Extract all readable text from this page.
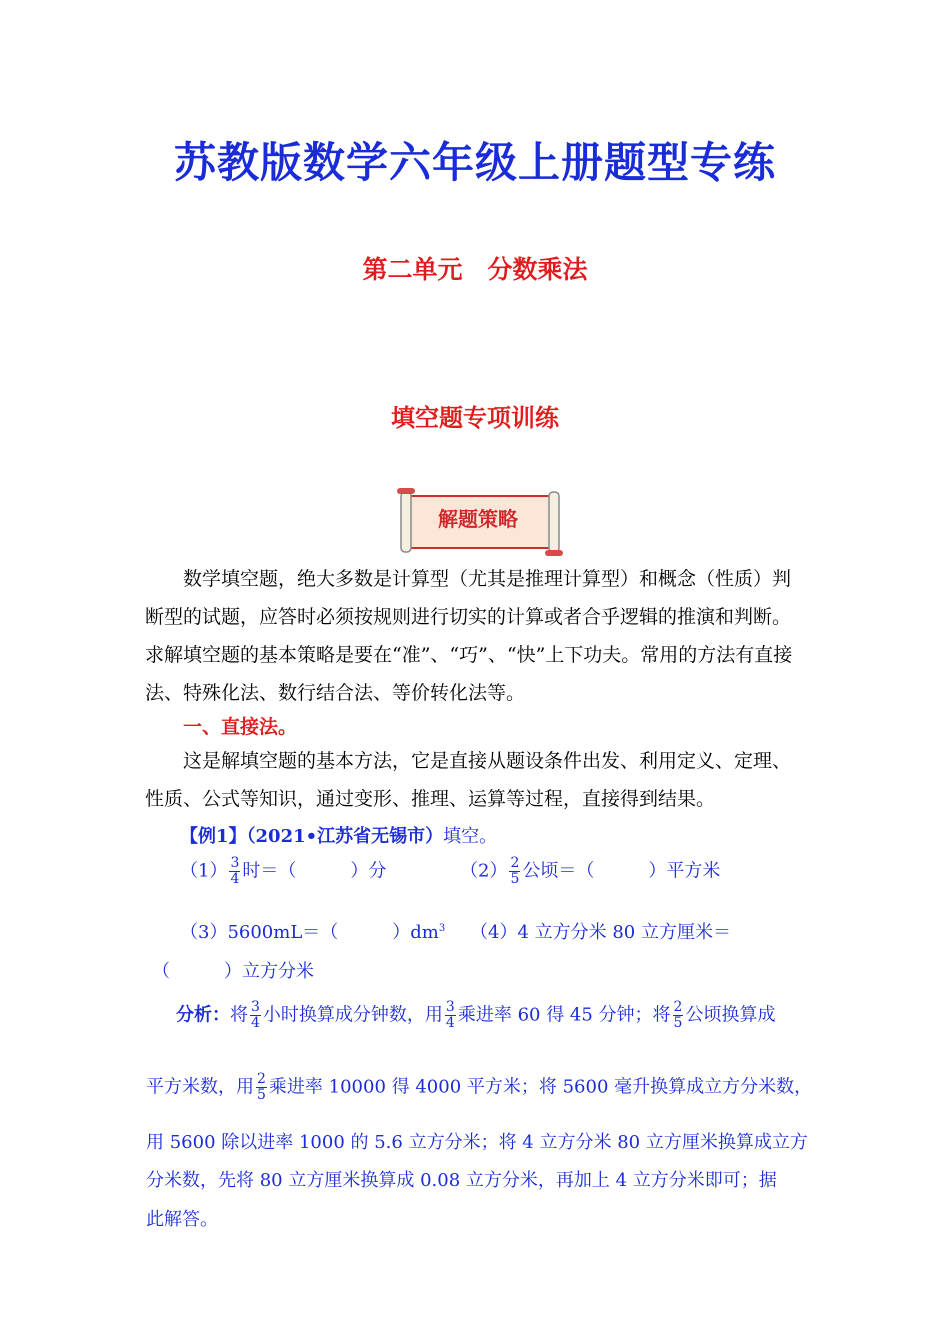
苏教版数学六年级上册题型专练
第二单元　分数乘法
填空题专项训练
解题策略
数学填空题，绝大多数是计算型（尤其是推理计算型）和概念（性质）判断型的试题，应答时必须按规则进行切实的计算或者合乎逻辑的推演和判断。求解填空题的基本策略是要在“准”、“巧”、“快”上下功夫。常用的方法有直接法、特殊化法、数行结合法、等价转化法等。
一、直接法。
这是解填空题的基本方法，它是直接从题设条件出发、利用定义、定理、性质、公式等知识，通过变形、推理、运算等过程，直接得到结果。
【例1】（2021•江苏省无锡市）填空。
$(1) \frac{3}{4}$ 时＝（　　　）分	$(2) \frac{2}{5}$ 公顷＝（　　　）平方米
（3）5600mL＝（　　　）$dm^3$ （4）4 立方分米 80 立方厘米＝
（　　　）立方分米
分析：将 $\frac{3}{4}$ 小时换算成分钟数，用 $\frac{3}{4}$ 乘进率 60 得 45 分钟；将 $\frac{2}{5}$ 公顷换算成
平方米数，用 $\frac{2}{5}$ 乘进率 10000 得 4000 平方米；将 5600 毫升换算成立方分米数，
用 5600 除以进率 1000 的 5.6 立方分米；将 4 立方分米 80 立方厘米换算成立方
分米数，先将 80 立方厘米换算成 0.08 立方分米，再加上 4 立方分米即可；据
此解答。
